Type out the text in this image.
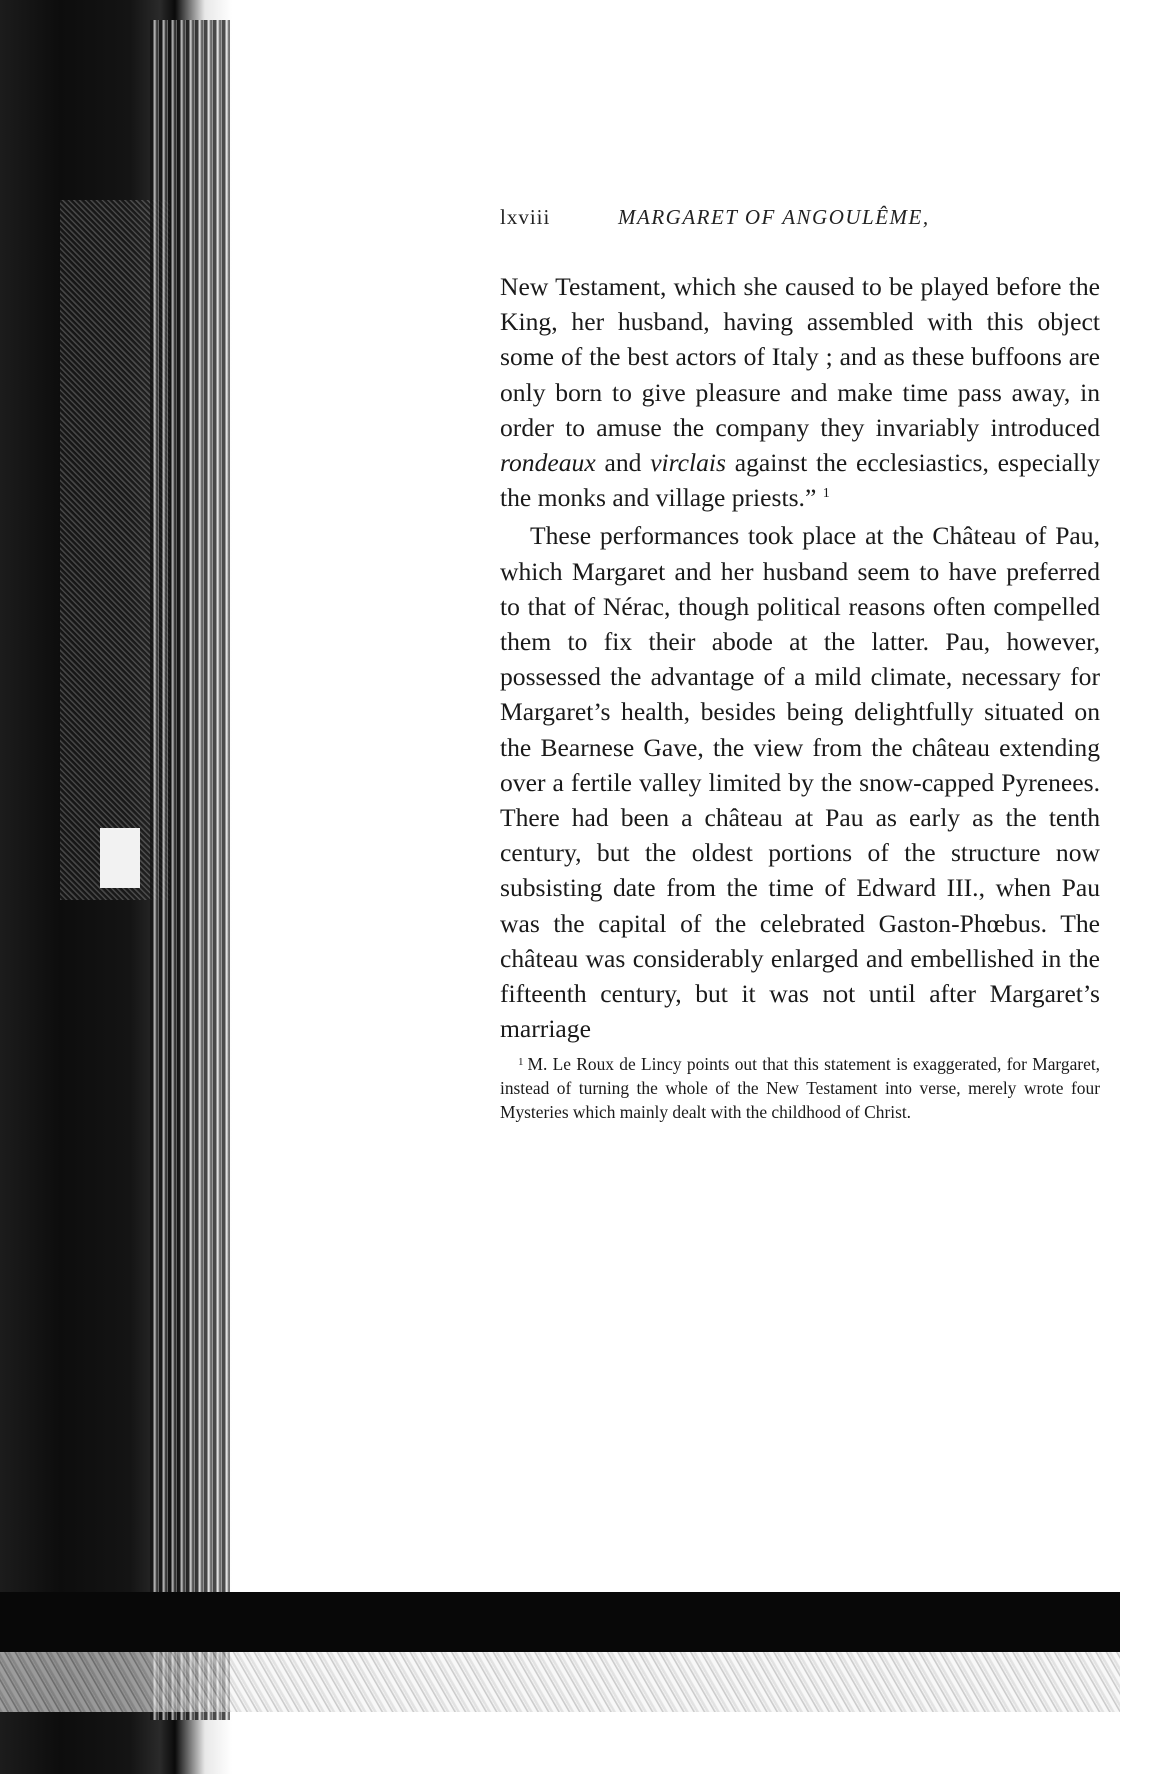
lxviii	MARGARET OF ANGOULÊME,

New Testament, which she caused to be played before the King, her husband, having assembled with this object some of the best actors of Italy ; and as these buffoons are only born to give pleasure and make time pass away, in order to amuse the company they invariably introduced rondeaux and virclais against the ecclesiastics, especially the monks and village priests.” $^1$

These performances took place at the Château of Pau, which Margaret and her husband seem to have preferred to that of Nérac, though political reasons often compelled them to fix their abode at the latter. Pau, however, possessed the advantage of a mild climate, necessary for Margaret’s health, besides being delightfully situated on the Bearnese Gave, the view from the château extending over a fertile valley limited by the snow-capped Pyrenees. There had been a château at Pau as early as the tenth century, but the oldest portions of the structure now subsisting date from the time of Edward III., when Pau was the capital of the celebrated Gaston-Phœbus. The château was considerably enlarged and embellished in the fifteenth century, but it was not until after Margaret’s marriage

$^1$ M. Le Roux de Lincy points out that this statement is exaggerated, for Margaret, instead of turning the whole of the New Testament into verse, merely wrote four Mysteries which mainly dealt with the childhood of Christ.
